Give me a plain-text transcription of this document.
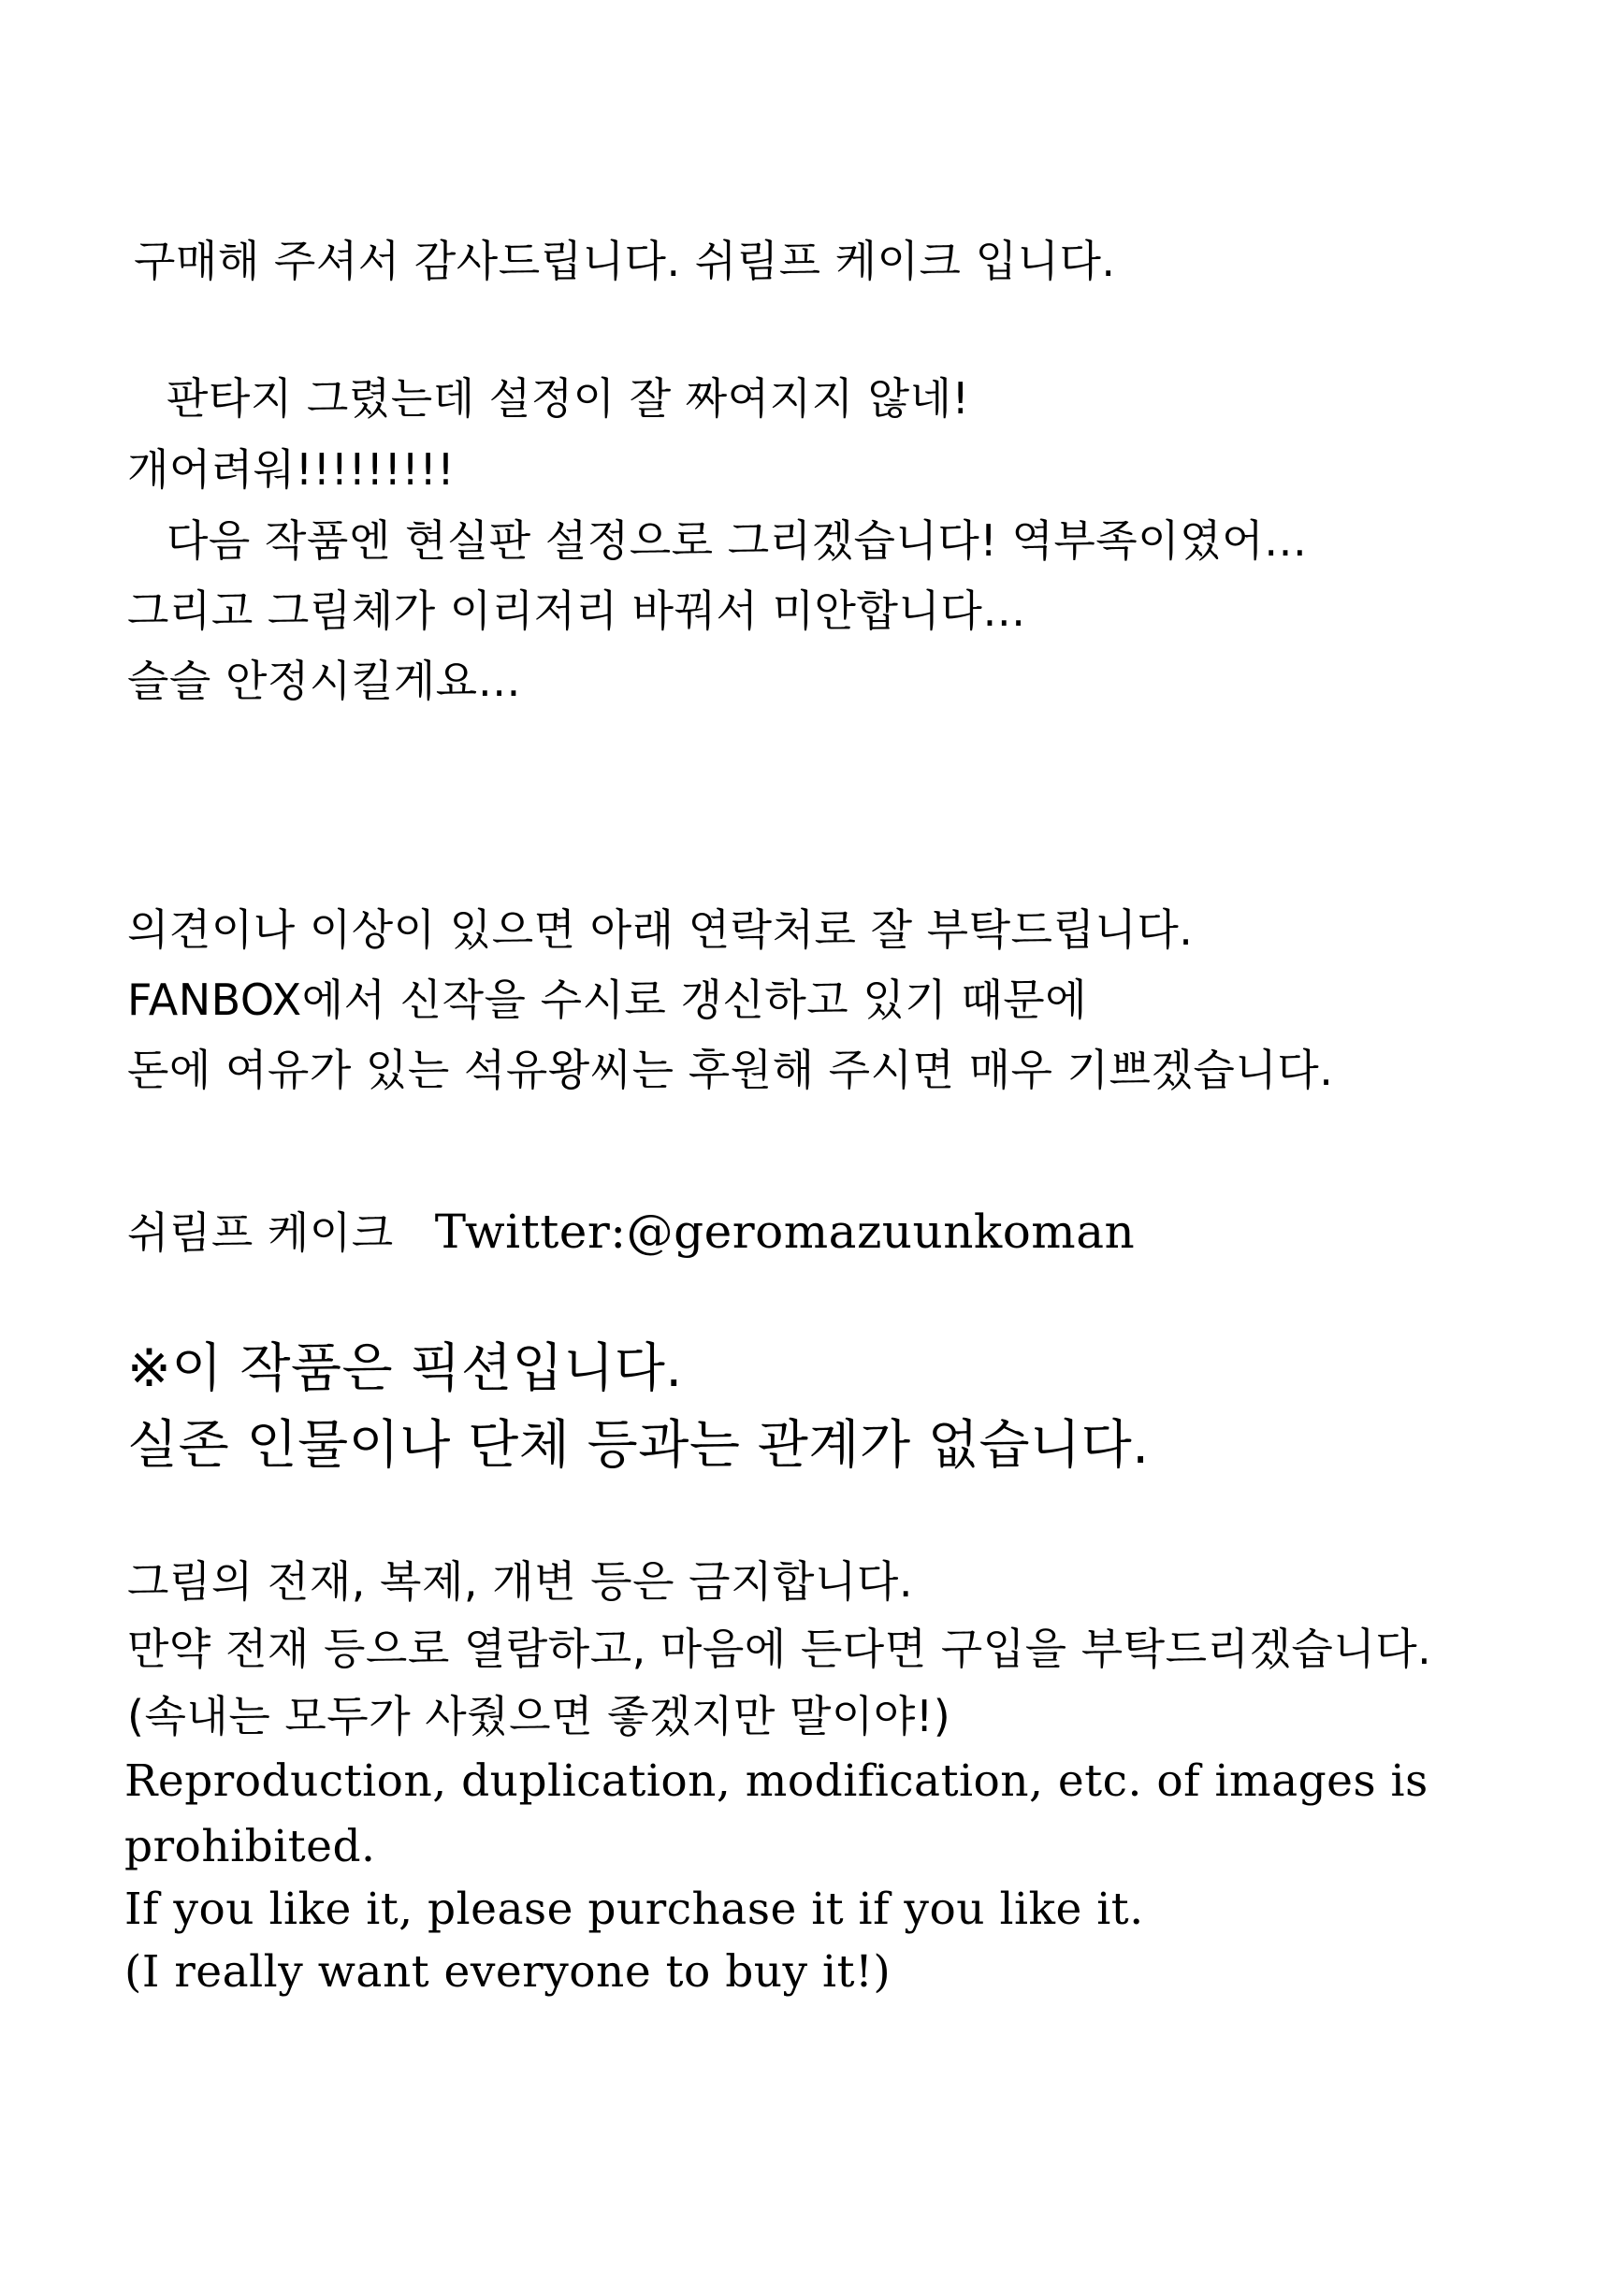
구매해 주셔서 감사드립니다. 쉬림프 케이크 입니다.
판타지 그렸는데 설정이 잘 짜여지지 않네!
개어려워!!!!!!!!!
다음 작품엔 현실판 설정으로 그리겠습니다! 역부족이였어…
그리고 그림체가 이리저리 바꿔서 미안합니다…
슬슬 안정시킬게요…
의견이나 이상이 있으면 아래 연락처로 잘 부탁드립니다.
FANBOX에서 신작을 수시로 갱신하고 있기 때문에
돈에 여유가 있는 석유왕씨는 후원해 주시면 매우 기쁘겠습니다.
쉬림프 케이크 Twitter:@geromazuunkoman
※이 작품은 픽션입니다.
실존 인물이나 단체 등과는 관계가 없습니다.
그림의 전재, 복제, 개변 등은 금지합니다.
만약 전재 등으로 열람하고, 마음에 든다면 구입을 부탁드리겠습니다.
(속내는 모두가 사줬으면 좋겠지만 말이야!)
Reproduction, duplication, modification, etc. of images is
prohibited.
If you like it, please purchase it if you like it.
(I really want everyone to buy it!)
